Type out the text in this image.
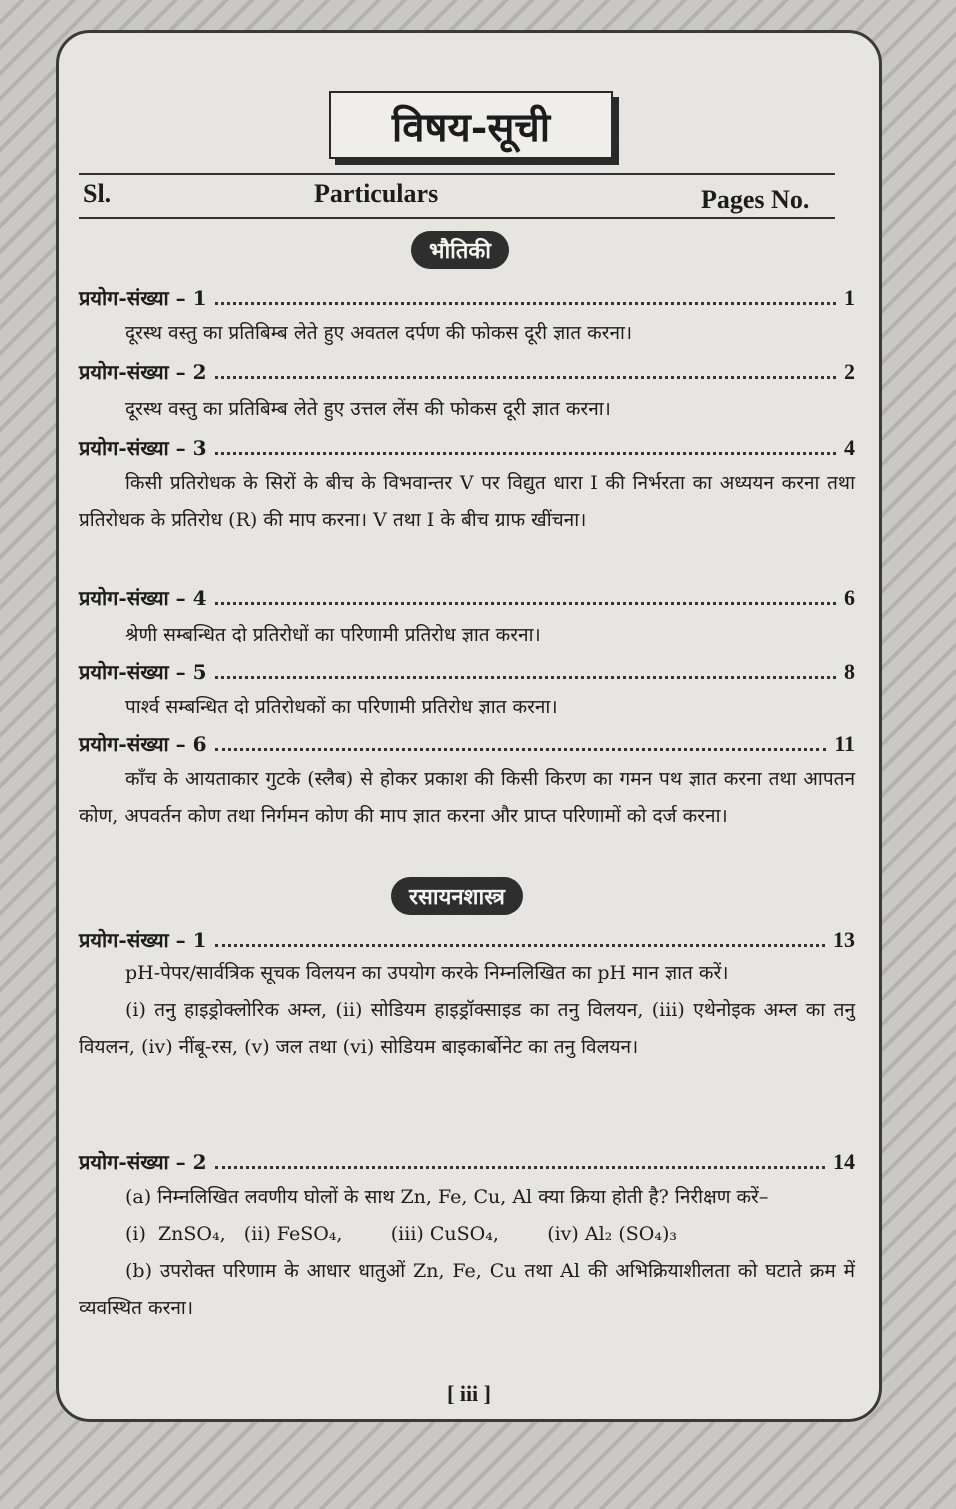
विषय-सूची
Sl.	Particulars	Pages No.
भौतिकी
प्रयोग-संख्या – 1	1

दूरस्थ वस्तु का प्रतिबिम्ब लेते हुए अवतल दर्पण की फोकस दूरी ज्ञात करना।

प्रयोग-संख्या – 2	2

दूरस्थ वस्तु का प्रतिबिम्ब लेते हुए उत्तल लेंस की फोकस दूरी ज्ञात करना।

प्रयोग-संख्या – 3	4

किसी प्रतिरोधक के सिरों के बीच के विभवान्तर V पर विद्युत धारा I की निर्भरता का अध्ययन करना तथा प्रतिरोधक के प्रतिरोध (R) की माप करना। V तथा I के बीच ग्राफ खींचना।

प्रयोग-संख्या – 4	6

श्रेणी सम्बन्धित दो प्रतिरोधों का परिणामी प्रतिरोध ज्ञात करना।

प्रयोग-संख्या – 5	8

पार्श्व सम्बन्धित दो प्रतिरोधकों का परिणामी प्रतिरोध ज्ञात करना।

प्रयोग-संख्या – 6	11

काँच के आयताकार गुटके (स्लैब) से होकर प्रकाश की किसी किरण का गमन पथ ज्ञात करना तथा आपतन कोण, अपवर्तन कोण तथा निर्गमन कोण की माप ज्ञात करना और प्राप्त परिणामों को दर्ज करना।

रसायनशास्त्र
प्रयोग-संख्या – 1	13

pH-पेपर/सार्वत्रिक सूचक विलयन का उपयोग करके निम्नलिखित का pH मान ज्ञात करें।

(i) तनु हाइड्रोक्लोरिक अम्ल, (ii) सोडियम हाइड्रॉक्साइड का तनु विलयन, (iii) एथेनोइक अम्ल का तनु वियलन, (iv) नींबू-रस, (v) जल तथा (vi) सोडियम बाइकार्बोनेट का तनु विलयन।

प्रयोग-संख्या – 2	14

(a) निम्नलिखित लवणीय घोलों के साथ Zn, Fe, Cu, Al क्या क्रिया होती है? निरीक्षण करें–

(i)  ZnSO₄,   (ii) FeSO₄,        (iii) CuSO₄,        (iv) Al₂ (SO₄)₃

(b) उपरोक्त परिणाम के आधार धातुओं Zn, Fe, Cu तथा Al की अभिक्रियाशीलता को घटाते क्रम में व्यवस्थित करना।

[ iii ]
